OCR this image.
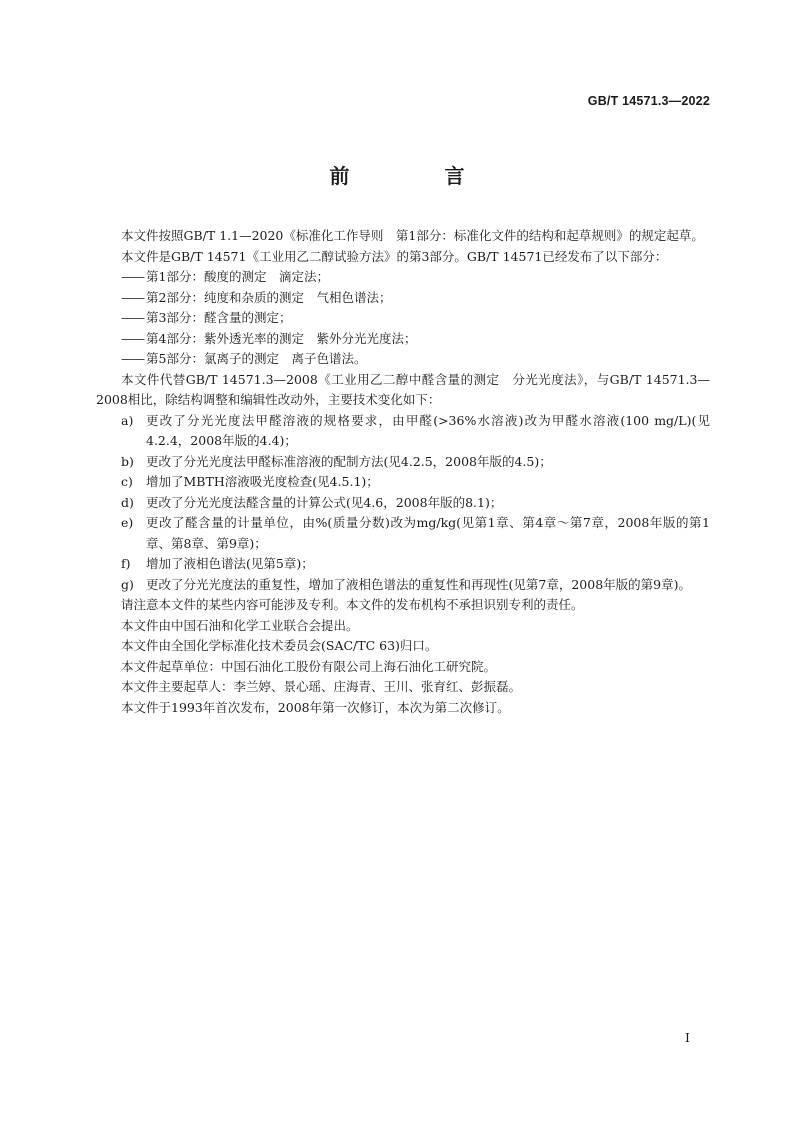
GB/T 14571.3—2022
前 言

本文件按照GB/T 1.1—2020《标准化工作导则　第1部分：标准化文件的结构和起草规则》的规定起草。

本文件是GB/T 14571《工业用乙二醇试验方法》的第3部分。GB/T 14571已经发布了以下部分：

—— 第1部分：酸度的测定　滴定法；

—— 第2部分：纯度和杂质的测定　气相色谱法；

—— 第3部分：醛含量的测定；

—— 第4部分：紫外透光率的测定　紫外分光光度法；

—— 第5部分：氯离子的测定　离子色谱法。

本文件代替GB/T 14571.3—2008《工业用乙二醇中醛含量的测定　分光光度法》，与GB/T 14571.3—2008相比，除结构调整和编辑性改动外，主要技术变化如下：

a)	更改了分光光度法甲醛溶液的规格要求，由甲醛(>36%水溶液)改为甲醛水溶液(100 mg/L)(见4.2.4，2008年版的4.4)；
b) 更改了分光光度法甲醛标准溶液的配制方法(见4.2.5，2008年版的4.5)；
c)	增加了MBTH溶液吸光度检查(见4.5.1)；
d) 更改了分光光度法醛含量的计算公式(见4.6，2008年版的8.1)；
e)	更改了醛含量的计量单位，由%(质量分数)改为mg/kg(见第1章、第4章～第7章，2008年版的第1章、第8章、第9章)；
f)	增加了液相色谱法(见第5章)；
g) 更改了分光光度法的重复性，增加了液相色谱法的重复性和再现性(见第7章，2008年版的第9章)。

请注意本文件的某些内容可能涉及专利。本文件的发布机构不承担识别专利的责任。

本文件由中国石油和化学工业联合会提出。

本文件由全国化学标准化技术委员会(SAC/TC 63)归口。

本文件起草单位：中国石油化工股份有限公司上海石油化工研究院。

本文件主要起草人：李兰婷、景心瑶、庄海青、王川、张育红、彭振磊。

本文件于1993年首次发布，2008年第一次修订，本次为第二次修订。

I
